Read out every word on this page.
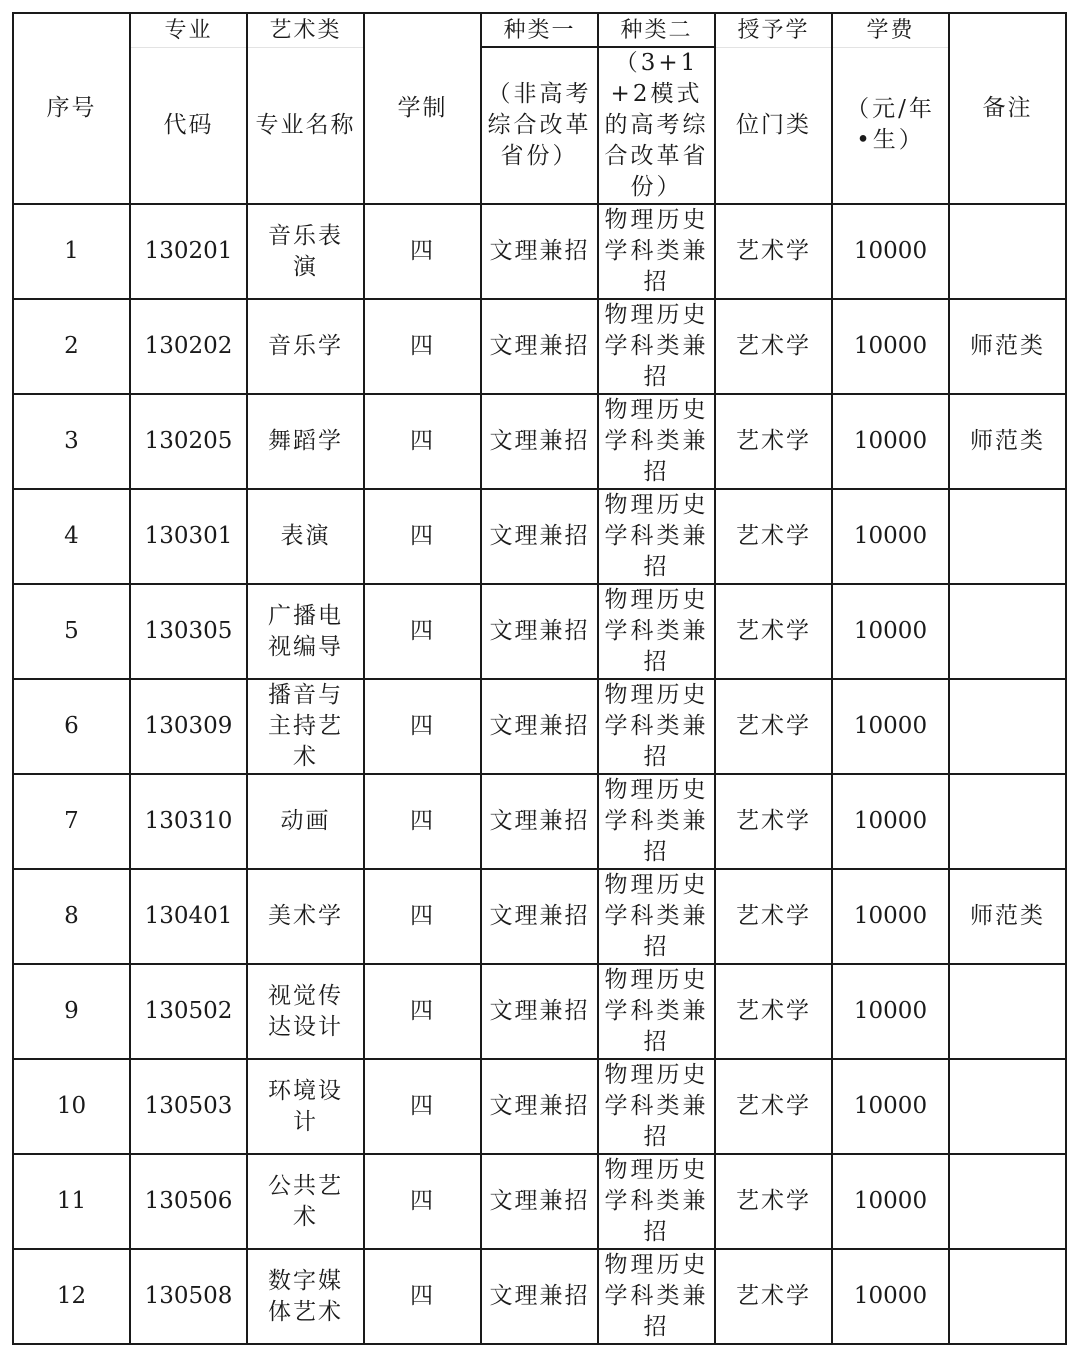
序号	专业	艺术类	学制	种类一	种类二	授予学	学费	备注
	代码	专业名称		（非高考综合改革省份）	（3+1+2模式的高考综合改革省份）	位门类	（元/年•生）	
1	130201	音乐表演	四	文理兼招	物理历史学科类兼招	艺术学	10000	
2	130202	音乐学	四	文理兼招	物理历史学科类兼招	艺术学	10000	师范类
3	130205	舞蹈学	四	文理兼招	物理历史学科类兼招	艺术学	10000	师范类
4	130301	表演	四	文理兼招	物理历史学科类兼招	艺术学	10000	
5	130305	广播电视编导	四	文理兼招	物理历史学科类兼招	艺术学	10000	
6	130309	播音与主持艺术	四	文理兼招	物理历史学科类兼招	艺术学	10000	
7	130310	动画	四	文理兼招	物理历史学科类兼招	艺术学	10000	
8	130401	美术学	四	文理兼招	物理历史学科类兼招	艺术学	10000	师范类
9	130502	视觉传达设计	四	文理兼招	物理历史学科类兼招	艺术学	10000	
10	130503	环境设计	四	文理兼招	物理历史学科类兼招	艺术学	10000	
11	130506	公共艺术	四	文理兼招	物理历史学科类兼招	艺术学	10000	
12	130508	数字媒体艺术	四	文理兼招	物理历史学科类兼招	艺术学	10000	
